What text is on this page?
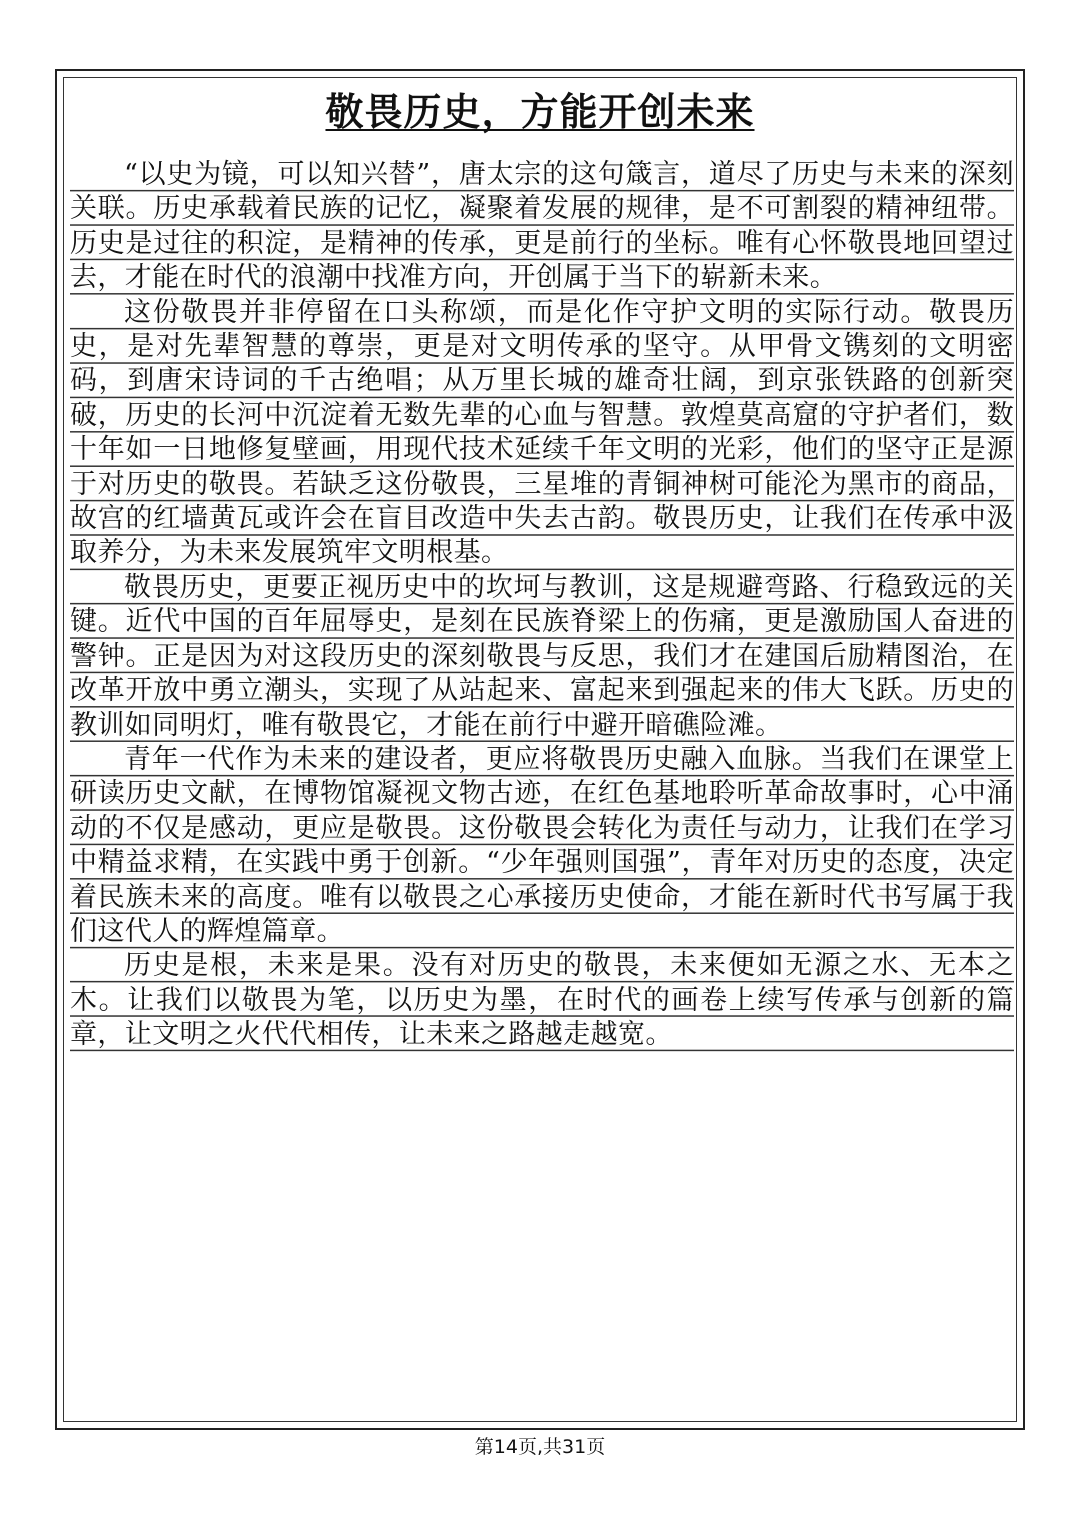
敬畏历史，方能开创未来

“以史为镜，可以知兴替”，唐太宗的这句箴言，道尽了历史与未来的深刻关联。历史承载着民族的记忆，凝聚着发展的规律，是不可割裂的精神纽带。历史是过往的积淀，是精神的传承，更是前行的坐标。唯有心怀敬畏地回望过去，才能在时代的浪潮中找准方向，开创属于当下的崭新未来。

这份敬畏并非停留在口头称颂，而是化作守护文明的实际行动。敬畏历史，是对先辈智慧的尊崇，更是对文明传承的坚守。从甲骨文镌刻的文明密码，到唐宋诗词的千古绝唱；从万里长城的雄奇壮阔，到京张铁路的创新突破，历史的长河中沉淀着无数先辈的心血与智慧。敦煌莫高窟的守护者们，数十年如一日地修复壁画，用现代技术延续千年文明的光彩，他们的坚守正是源于对历史的敬畏。若缺乏这份敬畏，三星堆的青铜神树可能沦为黑市的商品，故宫的红墙黄瓦或许会在盲目改造中失去古韵。敬畏历史，让我们在传承中汲取养分，为未来发展筑牢文明根基。

敬畏历史，更要正视历史中的坎坷与教训，这是规避弯路、行稳致远的关键。近代中国的百年屈辱史，是刻在民族脊梁上的伤痛，更是激励国人奋进的警钟。正是因为对这段历史的深刻敬畏与反思，我们才在建国后励精图治，在改革开放中勇立潮头，实现了从站起来、富起来到强起来的伟大飞跃。历史的教训如同明灯，唯有敬畏它，才能在前行中避开暗礁险滩。

青年一代作为未来的建设者，更应将敬畏历史融入血脉。当我们在课堂上研读历史文献，在博物馆凝视文物古迹，在红色基地聆听革命故事时，心中涌动的不仅是感动，更应是敬畏。这份敬畏会转化为责任与动力，让我们在学习中精益求精，在实践中勇于创新。“少年强则国强”，青年对历史的态度，决定着民族未来的高度。唯有以敬畏之心承接历史使命，才能在新时代书写属于我们这代人的辉煌篇章。

历史是根，未来是果。没有对历史的敬畏，未来便如无源之水、无本之木。让我们以敬畏为笔，以历史为墨，在时代的画卷上续写传承与创新的篇章，让文明之火代代相传，让未来之路越走越宽。

第14页,共31页
